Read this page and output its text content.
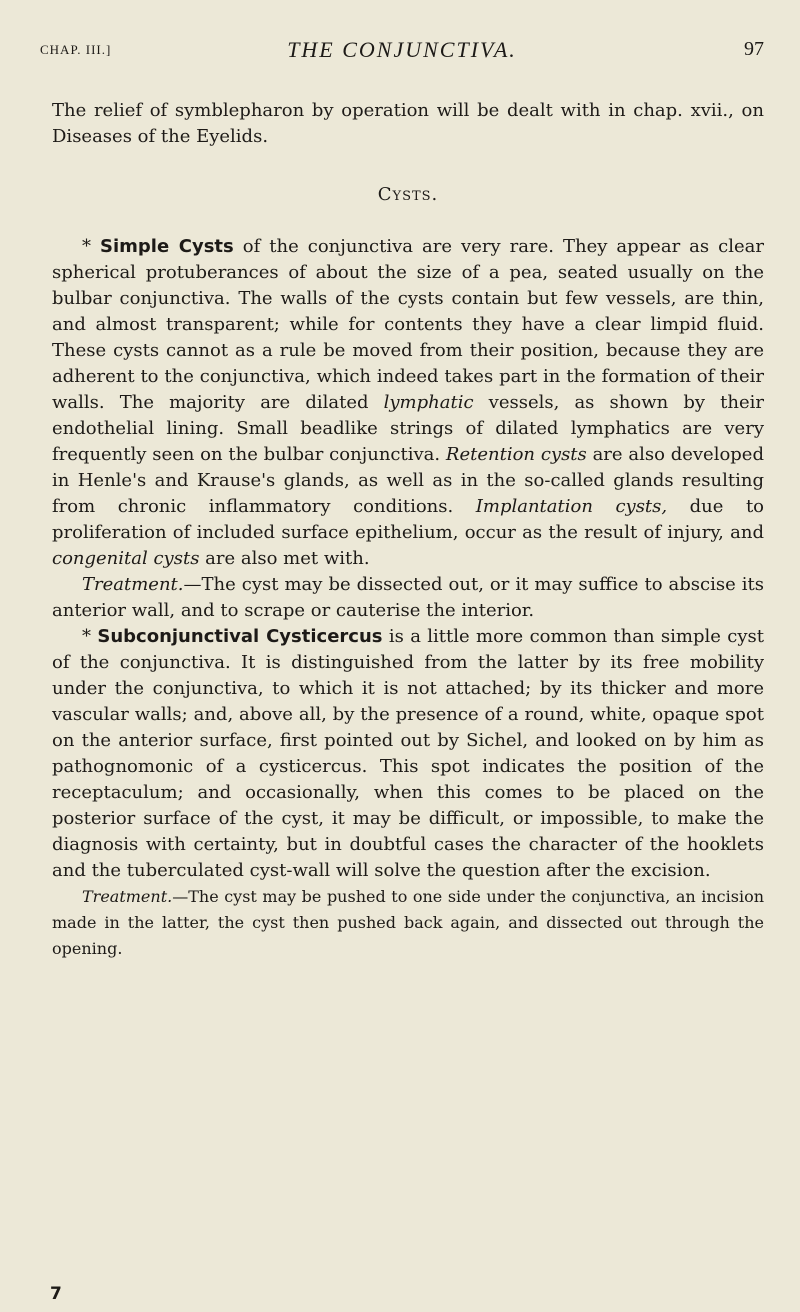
CHAP. III.]	THE CONJUNCTIVA.	97

The relief of symblepharon by operation will be dealt with in chap. xvii., on Diseases of the Eyelids.

Cysts.

* Simple Cysts of the conjunctiva are very rare. They appear as clear spherical protuberances of about the size of a pea, seated usually on the bulbar conjunctiva. The walls of the cysts contain but few vessels, are thin, and almost transparent; while for contents they have a clear limpid fluid. These cysts cannot as a rule be moved from their position, because they are adherent to the conjunctiva, which indeed takes part in the formation of their walls. The majority are dilated lymphatic vessels, as shown by their endothelial lining. Small beadlike strings of dilated lymphatics are very frequently seen on the bulbar conjunctiva. Retention cysts are also developed in Henle's and Krause's glands, as well as in the so-called glands resulting from chronic inflammatory conditions. Implantation cysts, due to proliferation of included surface epithelium, occur as the result of injury, and congenital cysts are also met with.

Treatment.—The cyst may be dissected out, or it may suffice to abscise its anterior wall, and to scrape or cauterise the interior.

* Subconjunctival Cysticercus is a little more common than simple cyst of the conjunctiva. It is distinguished from the latter by its free mobility under the conjunctiva, to which it is not attached; by its thicker and more vascular walls; and, above all, by the presence of a round, white, opaque spot on the anterior surface, first pointed out by Sichel, and looked on by him as pathognomonic of a cysticercus. This spot indicates the position of the receptaculum; and occasionally, when this comes to be placed on the posterior surface of the cyst, it may be difficult, or impossible, to make the diagnosis with certainty, but in doubtful cases the character of the hooklets and the tuberculated cyst-wall will solve the question after the excision.

Treatment.—The cyst may be pushed to one side under the conjunctiva, an incision made in the latter, the cyst then pushed back again, and dissected out through the opening.

7
